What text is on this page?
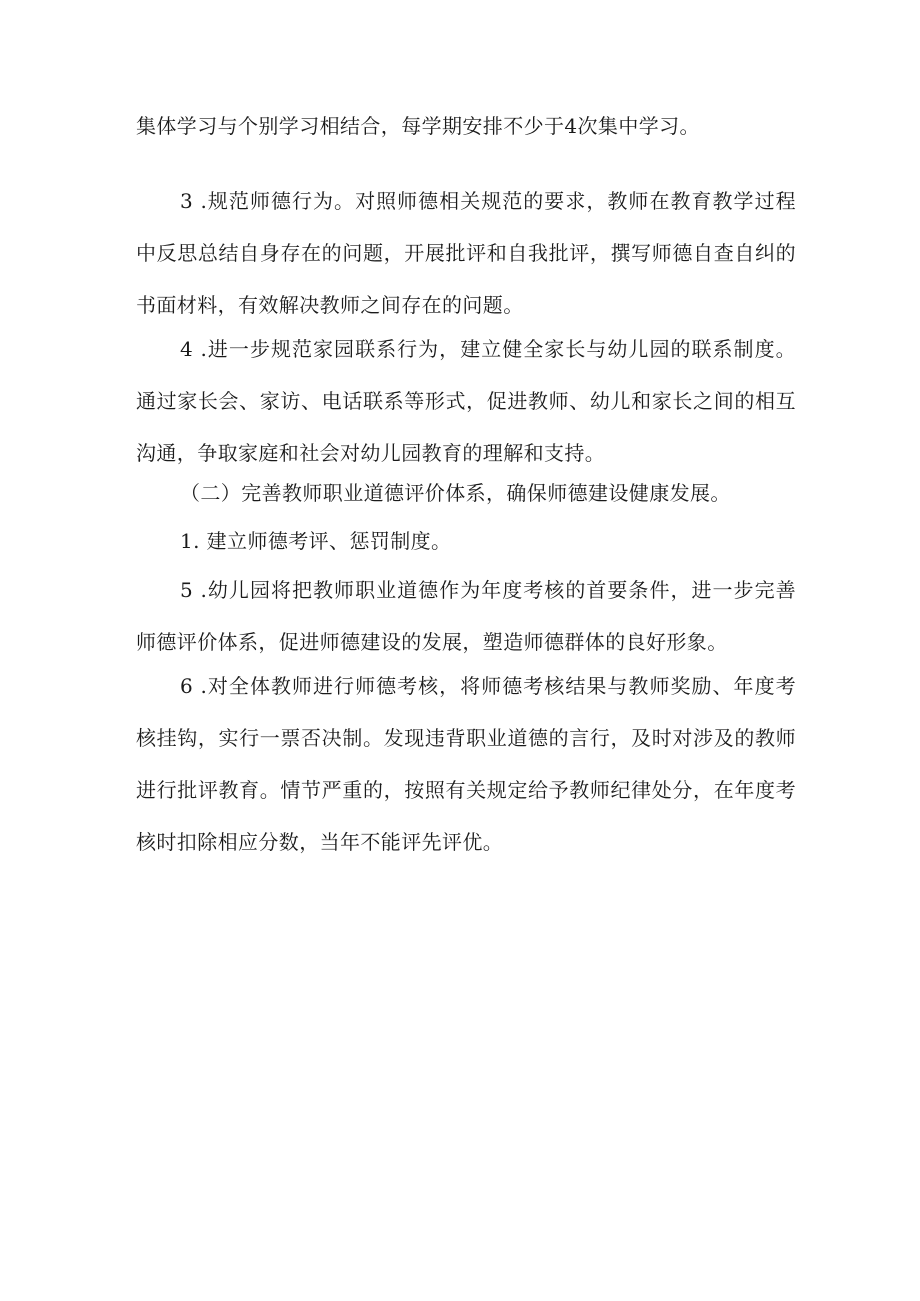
集体学习与个别学习相结合，每学期安排不少于4次集中学习。

3 .规范师德行为。对照师德相关规范的要求，教师在教育教学过程中反思总结自身存在的问题，开展批评和自我批评，撰写师德自查自纠的书面材料，有效解决教师之间存在的问题。

4 .进一步规范家园联系行为，建立健全家长与幼儿园的联系制度。通过家长会、家访、电话联系等形式，促进教师、幼儿和家长之间的相互沟通，争取家庭和社会对幼儿园教育的理解和支持。

（二）完善教师职业道德评价体系，确保师德建设健康发展。

1. 建立师德考评、惩罚制度。

5 .幼儿园将把教师职业道德作为年度考核的首要条件，进一步完善师德评价体系，促进师德建设的发展，塑造师德群体的良好形象。

6 .对全体教师进行师德考核，将师德考核结果与教师奖励、年度考核挂钩，实行一票否决制。发现违背职业道德的言行，及时对涉及的教师进行批评教育。情节严重的，按照有关规定给予教师纪律处分，在年度考核时扣除相应分数，当年不能评先评优。
